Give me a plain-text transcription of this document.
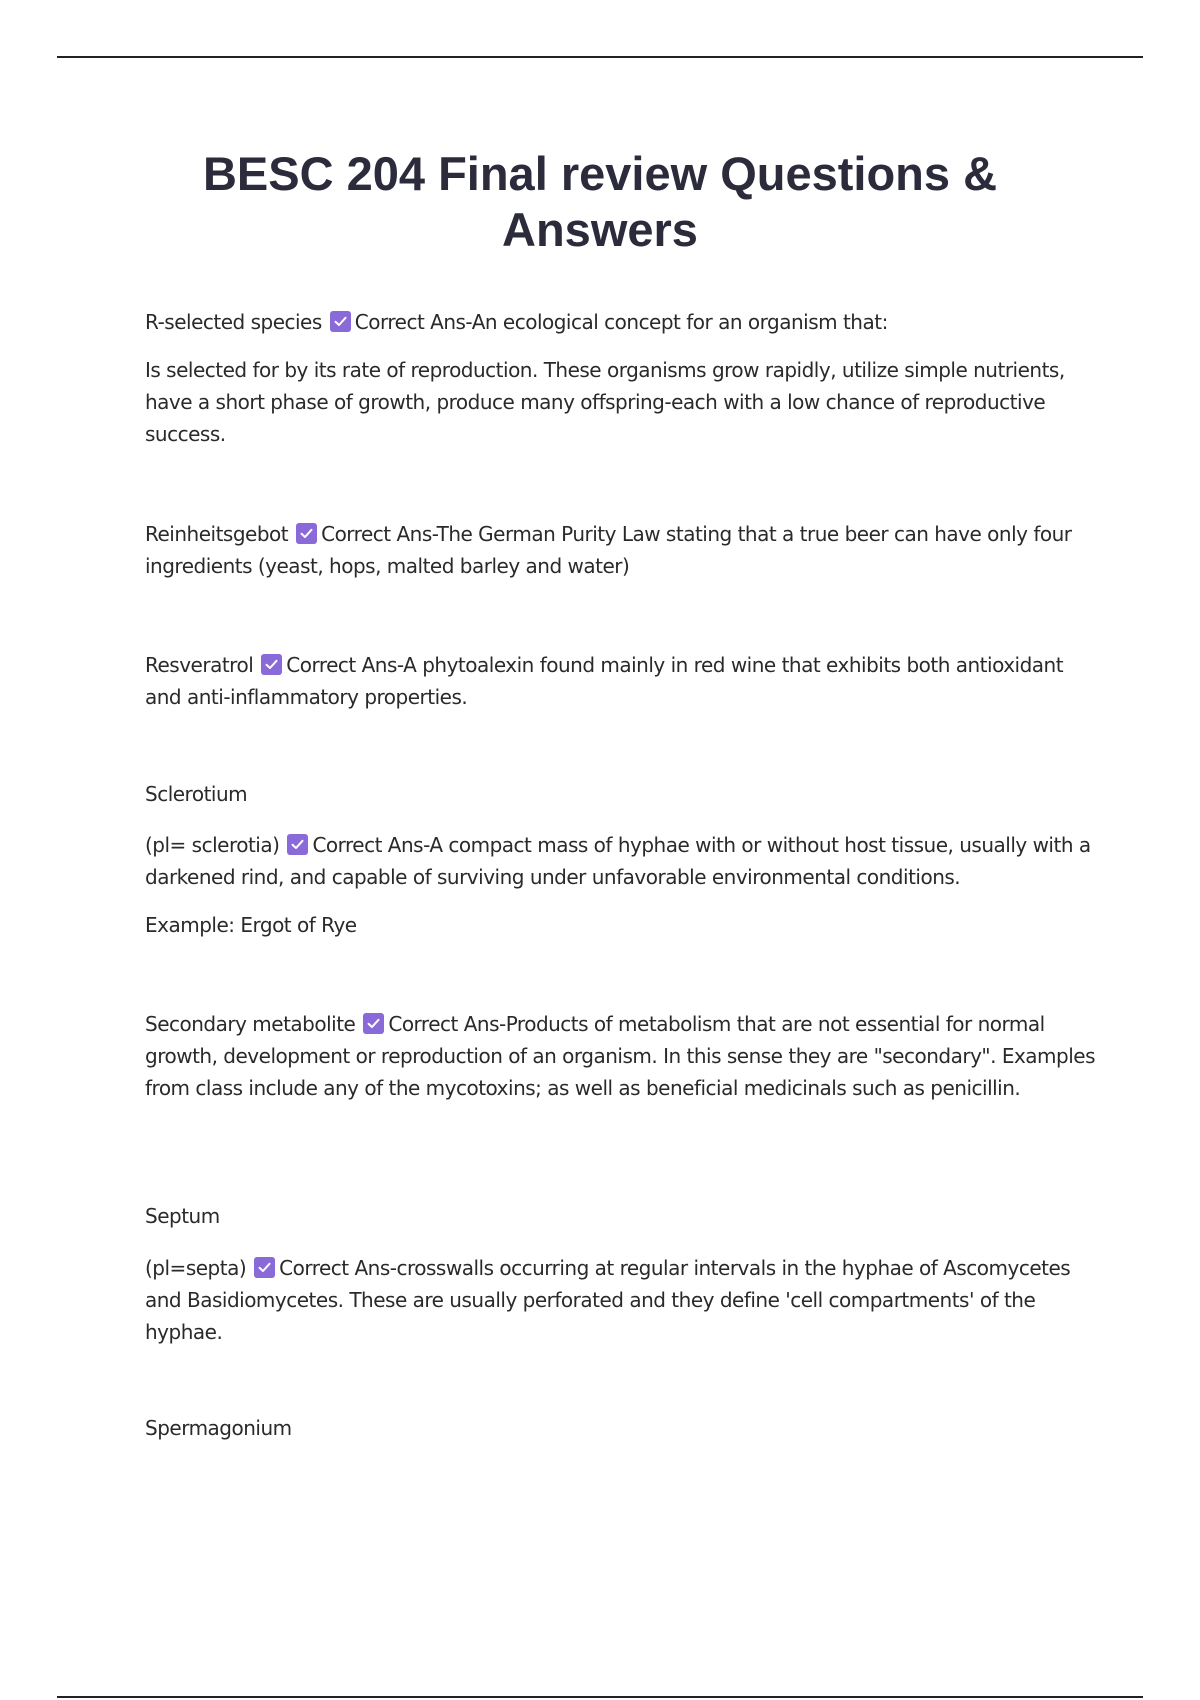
BESC 204 Final review Questions & Answers

R-selected species Correct Ans-An ecological concept for an organism that:

Is selected for by its rate of reproduction. These organisms grow rapidly, utilize simple nutrients, have a short phase of growth, produce many offspring-each with a low chance of reproductive success.

Reinheitsgebot Correct Ans-The German Purity Law stating that a true beer can have only four ingredients (yeast, hops, malted barley and water)

Resveratrol Correct Ans-A phytoalexin found mainly in red wine that exhibits both antioxidant and anti-inflammatory properties.

Sclerotium

(pl= sclerotia) Correct Ans-A compact mass of hyphae with or without host tissue, usually with a darkened rind, and capable of surviving under unfavorable environmental conditions.

Example: Ergot of Rye

Secondary metabolite Correct Ans-Products of metabolism that are not essential for normal growth, development or reproduction of an organism. In this sense they are "secondary". Examples from class include any of the mycotoxins; as well as beneficial medicinals such as penicillin.

Septum

(pl=septa) Correct Ans-crosswalls occurring at regular intervals in the hyphae of Ascomycetes and Basidiomycetes. These are usually perforated and they define 'cell compartments' of the hyphae.

Spermagonium
